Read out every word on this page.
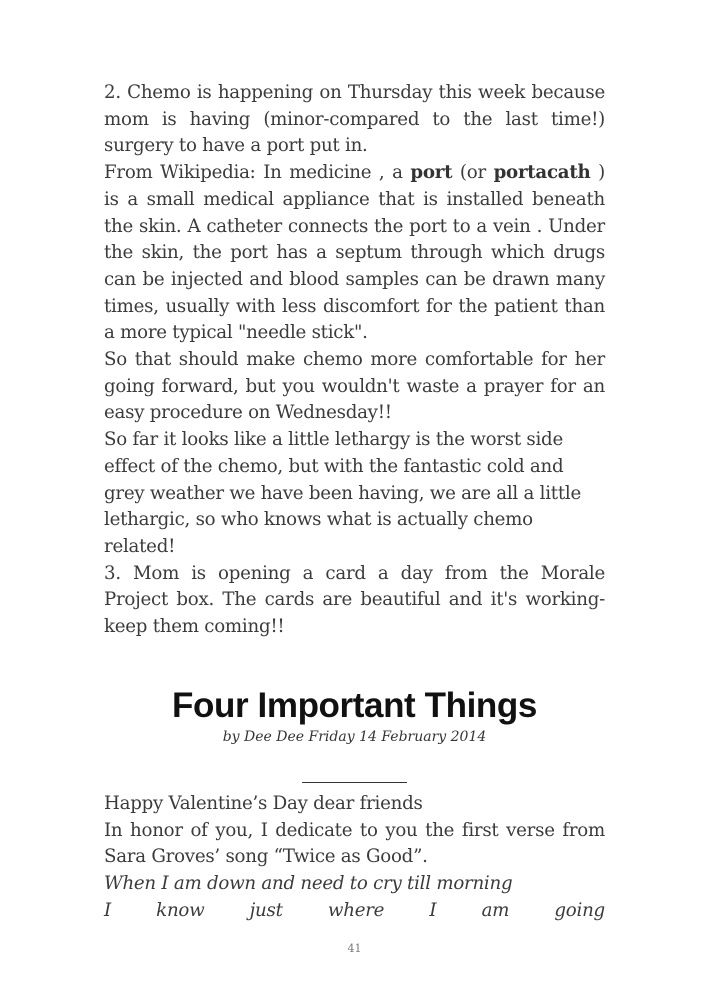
2. Chemo is happening on Thursday this week because mom is having (minor-compared to the last time!) surgery to have a port put in.

From Wikipedia: In medicine , a port (or portacath ) is a small medical appliance that is installed beneath the skin. A catheter connects the port to a vein . Under the skin, the port has a septum through which drugs can be injected and blood samples can be drawn many times, usually with less discomfort for the patient than a more typical "needle stick".

So that should make chemo more comfortable for her going forward, but you wouldn't waste a prayer for an easy procedure on Wednesday!!

So far it looks like a little lethargy is the worst side effect of the chemo, but with the fantastic cold and grey weather we have been having, we are all a little lethargic, so who knows what is actually chemo related!

3. Mom is opening a card a day from the Morale Project box. The cards are beautiful and it's working- keep them coming!!

Four Important Things
by Dee Dee Friday 14 February 2014

Happy Valentine’s Day dear friends

In honor of you, I dedicate to you the first verse from Sara Groves’ song “Twice as Good”.

When I am down and need to cry till morning

I know just where I am going
41
